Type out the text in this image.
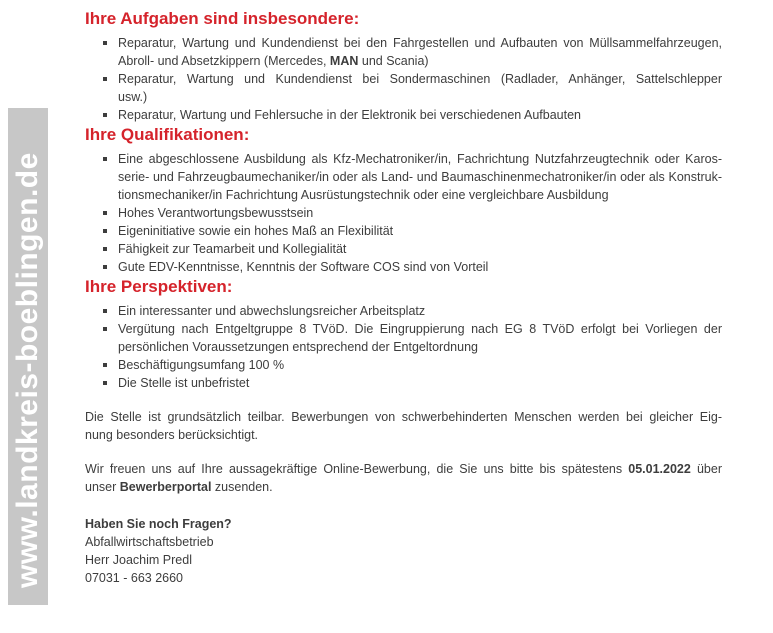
www.landkreis-boeblingen.de
Ihre Aufgaben sind insbesondere:
Reparatur, Wartung und Kundendienst bei den Fahrgestellen und Aufbauten von Müllsammelfahrzeugen,
Abroll- und Absetzkippern (Mercedes, MAN und Scania)
Reparatur, Wartung und Kundendienst bei Sondermaschinen (Radlader, Anhänger, Sattelschlepper
usw.)
Reparatur, Wartung und Fehlersuche in der Elektronik bei verschiedenen Aufbauten
Ihre Qualifikationen:
Eine abgeschlossene Ausbildung als Kfz-Mechatroniker/in, Fachrichtung Nutzfahrzeugtechnik oder Karos-
serie- und Fahrzeugbaumechaniker/in oder als Land- und Baumaschinenmechatroniker/in oder als Konstruk-
tionsmechaniker/in Fachrichtung Ausrüstungstechnik oder eine vergleichbare Ausbildung
Hohes Verantwortungsbewusstsein
Eigeninitiative sowie ein hohes Maß an Flexibilität
Fähigkeit zur Teamarbeit und Kollegialität
Gute EDV-Kenntnisse, Kenntnis der Software COS sind von Vorteil
Ihre Perspektiven:
Ein interessanter und abwechslungsreicher Arbeitsplatz
Vergütung nach Entgeltgruppe 8 TVöD. Die Eingruppierung nach EG 8 TVöD erfolgt bei Vorliegen der
persönlichen Voraussetzungen entsprechend der Entgeltordnung
Beschäftigungsumfang 100 %
Die Stelle ist unbefristet
Die Stelle ist grundsätzlich teilbar. Bewerbungen von schwerbehinderten Menschen werden bei gleicher Eig-
nung besonders berücksichtigt.
Wir freuen uns auf Ihre aussagekräftige Online-Bewerbung, die Sie uns bitte bis spätestens 05.01.2022 über
unser Bewerberportal zusenden.
Haben Sie noch Fragen?
Abfallwirtschaftsbetrieb
Herr Joachim Predl
07031 - 663 2660
